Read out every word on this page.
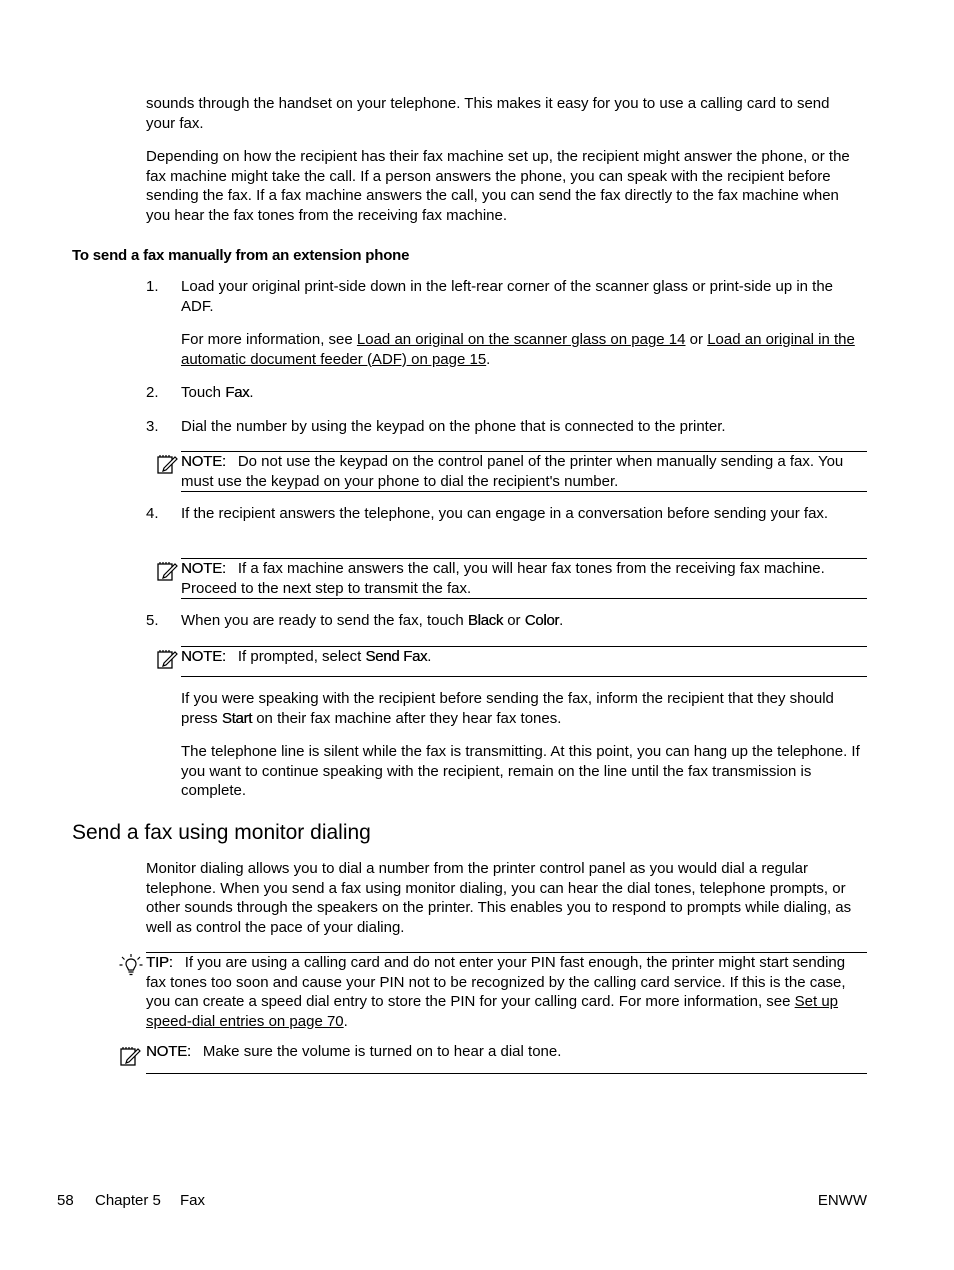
sounds through the handset on your telephone. This makes it easy for you to use a calling card to send your fax.

Depending on how the recipient has their fax machine set up, the recipient might answer the phone, or the fax machine might take the call. If a person answers the phone, you can speak with the recipient before sending the fax. If a fax machine answers the call, you can send the fax directly to the fax machine when you hear the fax tones from the receiving fax machine.

To send a fax manually from an extension phone
1. Load your original print-side down in the left-rear corner of the scanner glass or print-side up in the ADF.

For more information, see Load an original on the scanner glass on page 14 or Load an original in the automatic document feeder (ADF) on page 15.

2. Touch Fax.

3. Dial the number by using the keypad on the phone that is connected to the printer.

NOTE: Do not use the keypad on the control panel of the printer when manually sending a fax. You must use the keypad on your phone to dial the recipient's number.

4. If the recipient answers the telephone, you can engage in a conversation before sending your fax.

NOTE: If a fax machine answers the call, you will hear fax tones from the receiving fax machine. Proceed to the next step to transmit the fax.

5. When you are ready to send the fax, touch Black or Color.

NOTE: If prompted, select Send Fax.

If you were speaking with the recipient before sending the fax, inform the recipient that they should press Start on their fax machine after they hear fax tones.

The telephone line is silent while the fax is transmitting. At this point, you can hang up the telephone. If you want to continue speaking with the recipient, remain on the line until the fax transmission is complete.

Send a fax using monitor dialing

Monitor dialing allows you to dial a number from the printer control panel as you would dial a regular telephone. When you send a fax using monitor dialing, you can hear the dial tones, telephone prompts, or other sounds through the speakers on the printer. This enables you to respond to prompts while dialing, as well as control the pace of your dialing.

TIP: If you are using a calling card and do not enter your PIN fast enough, the printer might start sending fax tones too soon and cause your PIN not to be recognized by the calling card service. If this is the case, you can create a speed dial entry to store the PIN for your calling card. For more information, see Set up speed-dial entries on page 70.

NOTE: Make sure the volume is turned on to hear a dial tone.

58 Chapter 5 Fax	ENWW
